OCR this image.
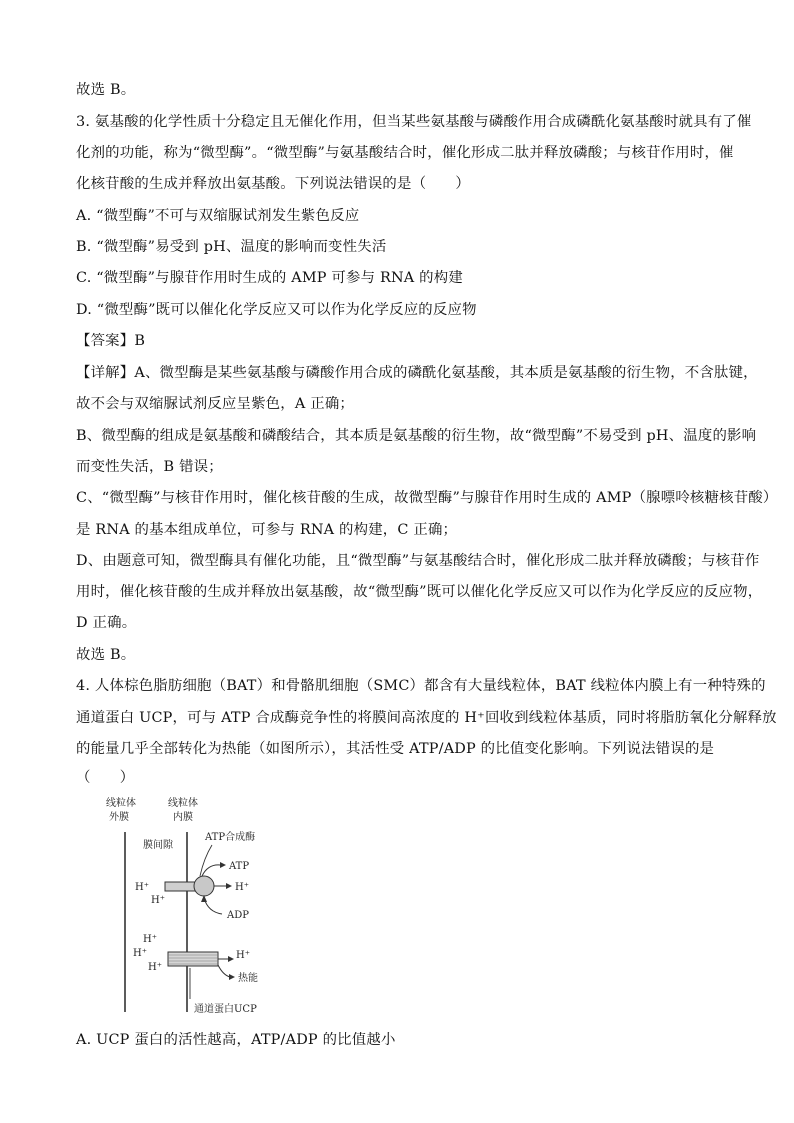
故选 B。
3. 氨基酸的化学性质十分稳定且无催化作用，但当某些氨基酸与磷酸作用合成磷酰化氨基酸时就具有了催
化剂的功能，称为“微型酶”。“微型酶”与氨基酸结合时，催化形成二肽并释放磷酸；与核苷作用时，催
化核苷酸的生成并释放出氨基酸。下列说法错误的是（　　）
A. “微型酶”不可与双缩脲试剂发生紫色反应
B. “微型酶”易受到 pH、温度的影响而变性失活
C. “微型酶”与腺苷作用时生成的 AMP 可参与 RNA 的构建
D. “微型酶”既可以催化化学反应又可以作为化学反应的反应物
【答案】B
【详解】A、微型酶是某些氨基酸与磷酸作用合成的磷酰化氨基酸，其本质是氨基酸的衍生物，不含肽键，
故不会与双缩脲试剂反应呈紫色，A 正确；
B、微型酶的组成是氨基酸和磷酸结合，其本质是氨基酸的衍生物，故“微型酶”不易受到 pH、温度的影响
而变性失活，B 错误；
C、“微型酶”与核苷作用时，催化核苷酸的生成，故微型酶”与腺苷作用时生成的 AMP（腺嘌呤核糖核苷酸）
是 RNA 的基本组成单位，可参与 RNA 的构建，C 正确；
D、由题意可知，微型酶具有催化功能，且“微型酶”与氨基酸结合时，催化形成二肽并释放磷酸；与核苷作
用时，催化核苷酸的生成并释放出氨基酸，故“微型酶”既可以催化化学反应又可以作为化学反应的反应物，
D 正确。
故选 B。
4. 人体棕色脂肪细胞（BAT）和骨骼肌细胞（SMC）都含有大量线粒体，BAT 线粒体内膜上有一种特殊的
通道蛋白 UCP，可与 ATP 合成酶竞争性的将膜间高浓度的 H⁺回收到线粒体基质，同时将脂肪氧化分解释放
的能量几乎全部转化为热能（如图所示），其活性受 ATP/ADP 的比值变化影响。下列说法错误的是
（　　）
线粒体
外膜
线粒体
内膜
膜间隙
ATP合成酶
ATP
H⁺
ADP
H⁺
H⁺
H⁺
H⁺
H⁺
H⁺
热能
通道蛋白UCP
A. UCP 蛋白的活性越高，ATP/ADP 的比值越小
